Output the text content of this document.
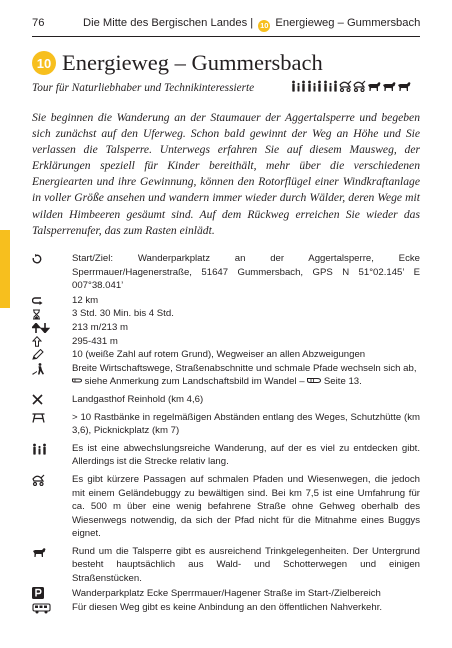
76	Die Mitte des Bergischen Landes | 10 Energieweg – Gummersbach
10 Energieweg – Gummersbach
Tour für Naturliebhaber und Technikinteressierte

Sie beginnen die Wanderung an der Staumauer der Aggertalsperre und begeben sich zunächst auf den Uferweg. Schon bald gewinnt der Weg an Höhe und Sie verlassen die Talsperre. Unterwegs erfahren Sie auf diesem Mausweg, der Erklärungen speziell für Kinder bereithält, mehr über die verschiedenen Energiearten und ihre Gewinnung, können den Rotorflügel einer Windkraftanlage in voller Größe ansehen und wandern immer wieder durch Wälder, deren Wege mit wilden Himbeeren gesäumt sind. Auf dem Rückweg erreichen Sie wieder das Talsperrenufer, das zum Rasten einlädt.

Start/Ziel: Wanderparkplatz an der Aggertalsperre, Ecke Sperrmauer/Hagenerstraße, 51647 Gummersbach, GPS N 51°02.145’ E 007°38.041’
12 km
3 Std. 30 Min. bis 4 Std.
213 m/213 m
295-431 m
10 (weiße Zahl auf rotem Grund), Wegweiser an allen Abzweigungen
Breite Wirtschaftswege, Straßenabschnitte und schmale Pfade wechseln sich ab,
siehe Anmerkung zum Landschaftsbild im Wandel – Seite 13.
Landgasthof Reinhold (km 4,6)
> 10 Rastbänke in regelmäßigen Abständen entlang des Weges, Schutzhütte (km 3,6), Picknickplatz (km 7)
Es ist eine abwechslungsreiche Wanderung, auf der es viel zu entdecken gibt. Allerdings ist die Strecke relativ lang.
Es gibt kürzere Passagen auf schmalen Pfaden und Wiesenwegen, die jedoch mit einem Geländebuggy zu bewältigen sind. Bei km 7,5 ist eine Umfahrung für ca. 500 m über eine wenig befahrene Straße ohne Gehweg oberhalb des Wiesenwegs notwendig, da sich der Pfad nicht für die Mitnahme eines Buggys eignet.
Rund um die Talsperre gibt es ausreichend Trinkgelegenheiten. Der Untergrund besteht hauptsächlich aus Wald- und Schotterwegen und einigen Straßenstücken.
Wanderparkplatz Ecke Sperrmauer/Hagener Straße im Start-/Zielbereich
Für diesen Weg gibt es keine Anbindung an den öffentlichen Nahverkehr.
